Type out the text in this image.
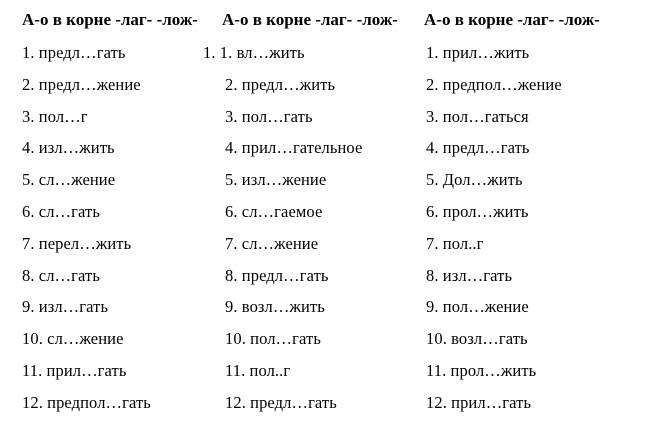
А-о в корне -лаг- -лож- А-о в корне -лаг- -лож- А-о в корне -лаг- -лож-
1. предл…гать
2. предл…жение
3. пол…г
4. изл…жить
5. сл…жение
6. сл…гать
7. перел…жить
8. сл…гать
9. изл…гать
10. сл…жение
11. прил…гать
12. предпол…гать
1. 1. вл…жить
2. предл…жить
3. пол…гать
4. прил…гательное
5. изл…жение
6. сл…гаемое
7. сл…жение
8. предл…гать
9. возл…жить
10. пол…гать
11. пол..г
12. предл…гать
1. прил…жить
2. предпол…жение
3. пол…гаться
4. предл…гать
5. Дол…жить
6. прол…жить
7. пол..г
8. изл…гать
9. пол…жение
10. возл…гать
11. прол…жить
12. прил…гать
